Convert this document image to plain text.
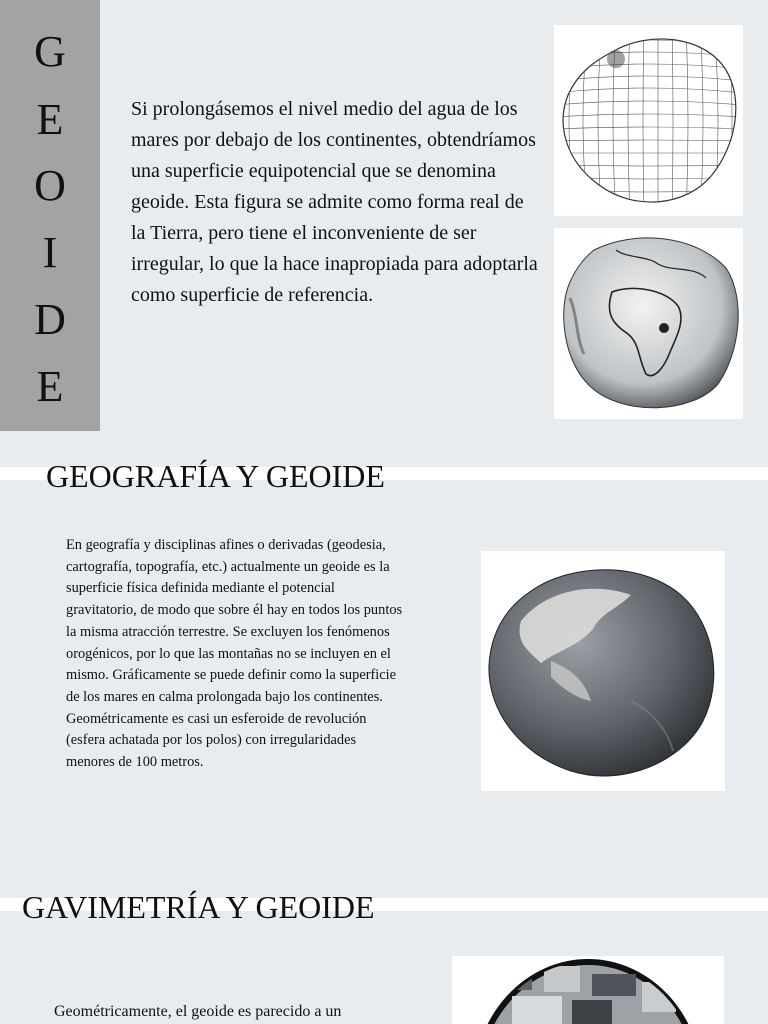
G
E
O
I
D
E

Si prolongásemos el nivel medio del agua de los mares por debajo de los continentes, obtendríamos una superficie equipotencial que se denomina geoide. Esta figura se admite como forma real de la Tierra, pero tiene el inconveniente de ser irregular, lo que la hace inapropiada para adoptarla como superficie de referencia.

GEOGRAFÍA Y GEOIDE

En geografía y disciplinas afines o derivadas (geodesia, cartografía, topografía, etc.) actualmente un geoide es la superficie física definida mediante el potencial gravitatorio, de modo que sobre él hay en todos los puntos la misma atracción terrestre. Se excluyen los fenómenos orogénicos, por lo que las montañas no se incluyen en el mismo. Gráficamente se puede definir como la superficie de los mares en calma prolongada bajo los continentes. Geométricamente es casi un esferoide de revolución (esfera achatada por los polos) con irregularidades menores de 100 metros.

GAVIMETRÍA Y GEOIDE

Geométricamente, el geoide es parecido a un
